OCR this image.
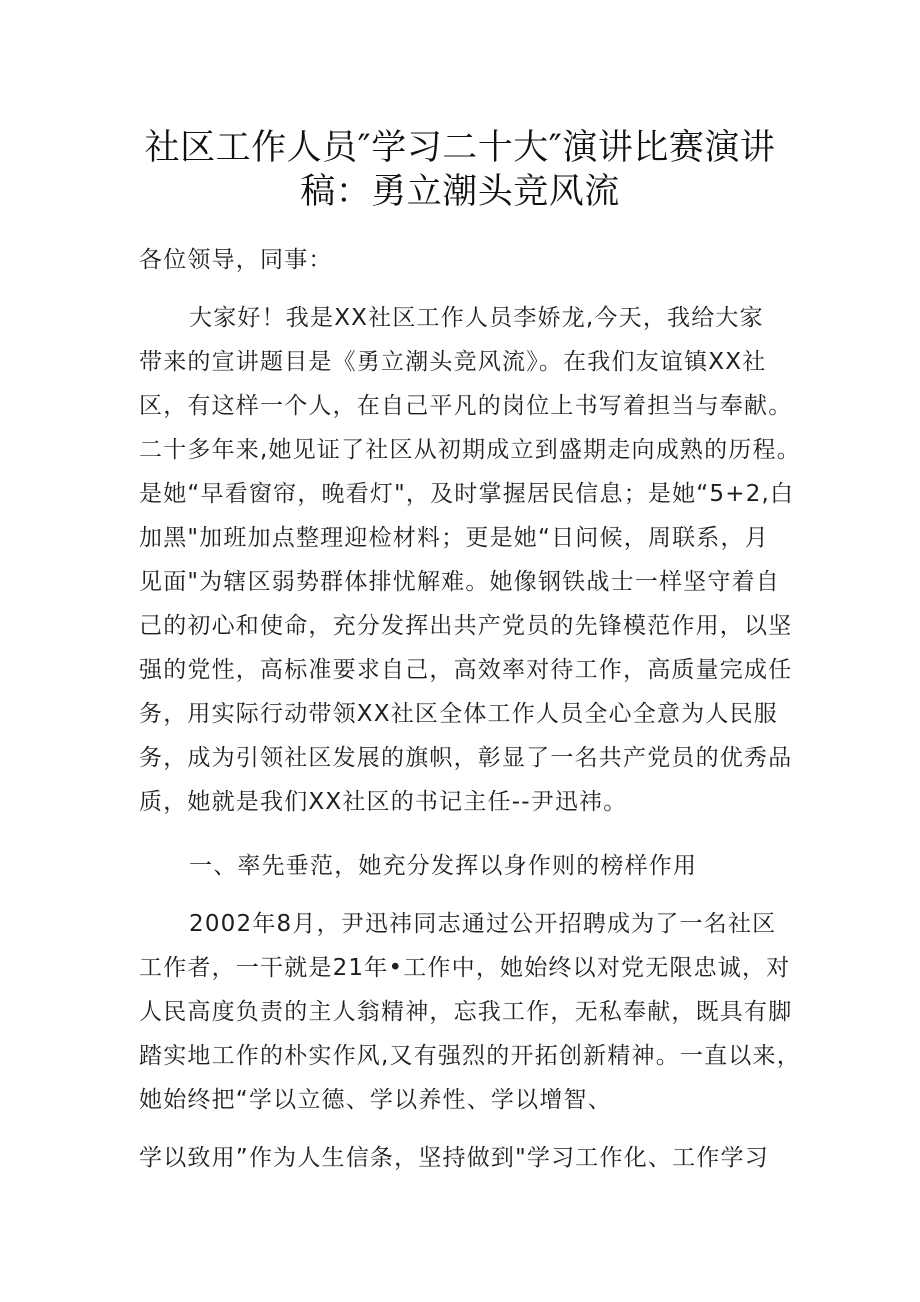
社区工作人员″学习二十大″演讲比赛演讲
稿：勇立潮头竞风流
各位领导，同事：
大家好！我是XX社区工作人员李娇龙,今天，我给大家
带来的宣讲题目是《勇立潮头竞风流》。在我们友谊镇XX社
区，有这样一个人，在自己平凡的岗位上书写着担当与奉献。
二十多年来,她见证了社区从初期成立到盛期走向成熟的历程。
是她“早看窗帘，晚看灯"，及时掌握居民信息；是她“5+2,白
加黑"加班加点整理迎检材料；更是她“日问候，周联系，月
见面"为辖区弱势群体排忧解难。她像钢铁战士一样坚守着自
己的初心和使命，充分发挥出共产党员的先锋模范作用，以坚
强的党性，高标准要求自己，高效率对待工作，高质量完成任
务，用实际行动带领XX社区全体工作人员全心全意为人民服
务，成为引领社区发展的旗帜，彰显了一名共产党员的优秀品
质，她就是我们XX社区的书记主任--尹迅祎。
一、率先垂范，她充分发挥以身作则的榜样作用
2002年8月，尹迅祎同志通过公开招聘成为了一名社区
工作者，一干就是21年•工作中，她始终以对党无限忠诚，对
人民高度负责的主人翁精神，忘我工作，无私奉献，既具有脚
踏实地工作的朴实作风,又有强烈的开拓创新精神。一直以来，
她始终把“学以立德、学以养性、学以增智、
学以致用”作为人生信条，坚持做到"学习工作化、工作学习
